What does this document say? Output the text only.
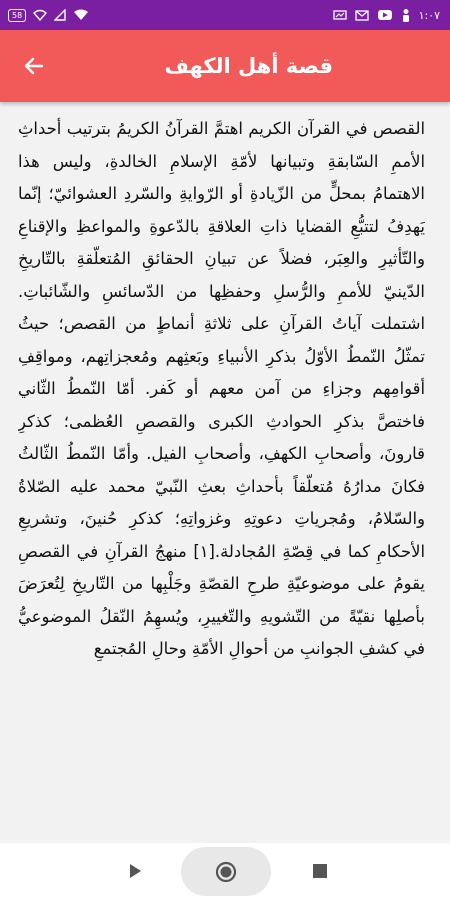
58	١:٠٧
قصة أهل الكهف

القصص في القرآن الكريم اهتمَّ القرآنُ الكريمُ بترتيب أحداثِ الأممِ السّابقةِ وتبيانها لأمّةِ الإسلامِ الخالدةِ، وليس هذا الاهتمامُ بمحلٍّ من الزّيادةِ أو الرّوايةِ والسّردِ العشوائيّ؛ إنّما يَهدِفُ لتتبُّعِ القضايا ذاتِ العلاقةِ بالدّعوةِ والمواعظِ والإقناعِ والتّأثيرِ والعِبَر، فضلاً عن تبيانِ الحقائقِ المُتعلّقةِ بالتّاريخِ الدّينيّ للأممِ والرُّسلِ وحفظِها من الدّسائسِ والشّائباتِ. اشتملت آياتُ القرآنِ على ثلاثةِ أنماطٍ من القصص؛ حيثُ تمثّلُ النّمطُ الأوّلُ بذكرِ الأنبياءِ وبَعثِهم ومُعجزاتِهم، ومواقِفِ أقوامِهم وجزاءِ من آمن معهم أو كَفر. أمّا النّمطُ الثّاني فاختصَّ بذكرِ الحوادثِ الكبرى والقصصِ العُظمى؛ كذكرِ قارونَ، وأصحابِ الكهفِ، وأصحابِ الفيل. وأمّا النّمطُ الثّالثُ فكانَ مدارُهُ مُتعلّقاً بأحداثِ بعثِ النّبيّ محمد عليه الصّلاةُ والسّلامُ، ومُجرياتِ دعوتِهِ وغزواتِهِ؛ كذكرِ حُنينَ، وتشريعِ الأحكامِ كما في قِصّةِ المُجادلة.[١] منهجُ القرآنِ في القصصِ يقومُ على موضوعيّةِ طرحِ القصّةِ وجَلْبِها من التّاريخِ لِتُعرَضَ بأصلِها نقيّةً من التّشويهِ والتّغييرِ، ويُسهِمُ النّقلُ الموضوعيُّ في كشفِ الجوانبِ من أحوالِ الأمّةِ وحالِ المُجتمعِ
